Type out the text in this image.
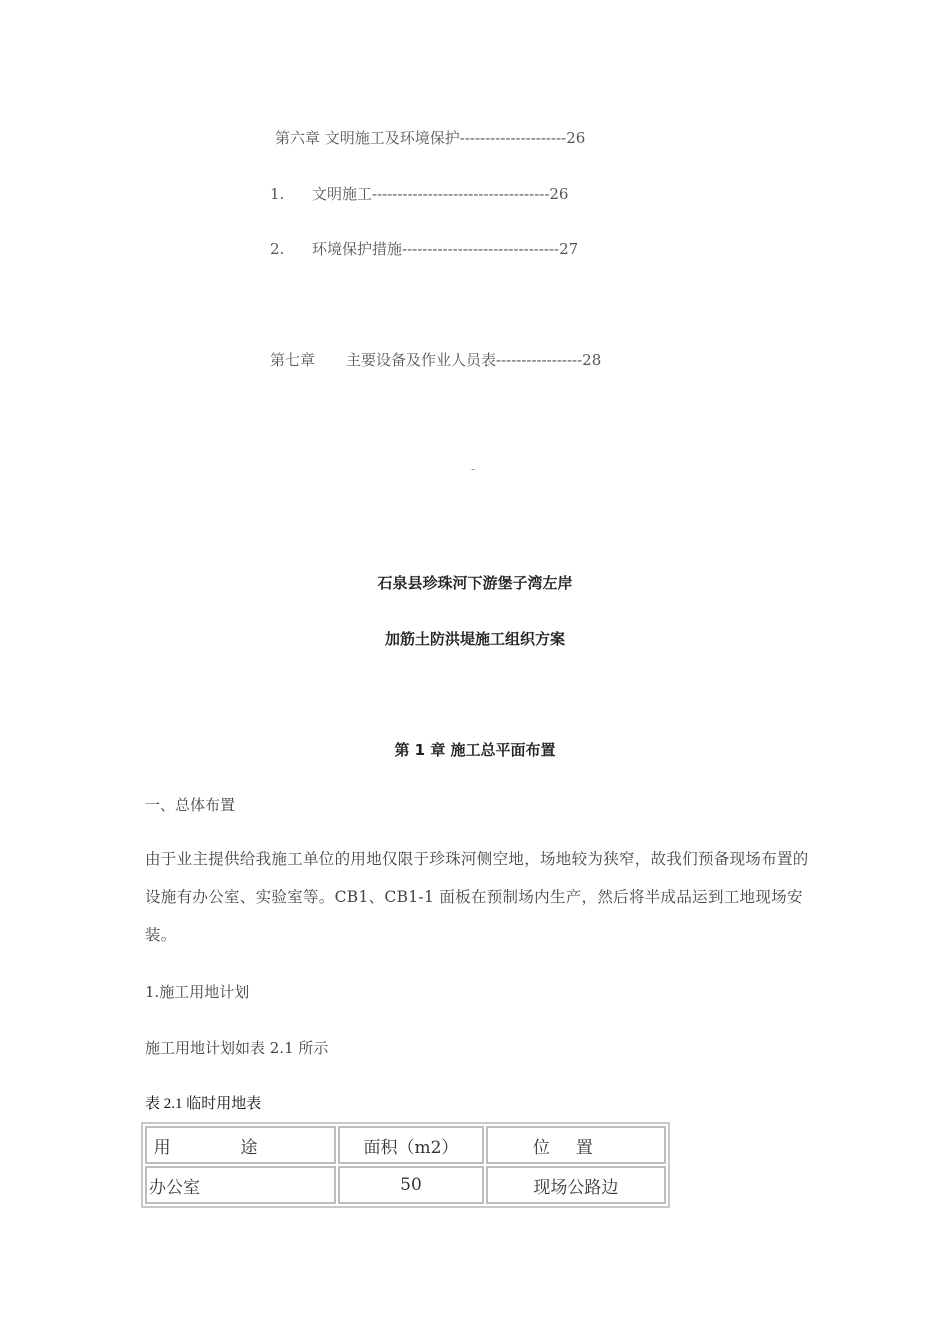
第六章 文明施工及环境保护---------------------26
1. 文明施工-----------------------------------26
2. 环境保护措施-------------------------------27
第七章 主要设备及作业人员表-----------------28
-
石泉县珍珠河下游堡子湾左岸
加筋土防洪堤施工组织方案
第 1 章 施工总平面布置
一、总体布置
由于业主提供给我施工单位的用地仅限于珍珠河侧空地，场地较为狭窄，故我们预备现场布置的设施有办公室、实验室等。CB1、CB1-1 面板在预制场内生产，然后将半成品运到工地现场安装。
1.施工用地计划
施工用地计划如表 2.1 所示
表 2.1 临时用地表
用途	面积（m2）	位置
办公室	50	现场公路边
